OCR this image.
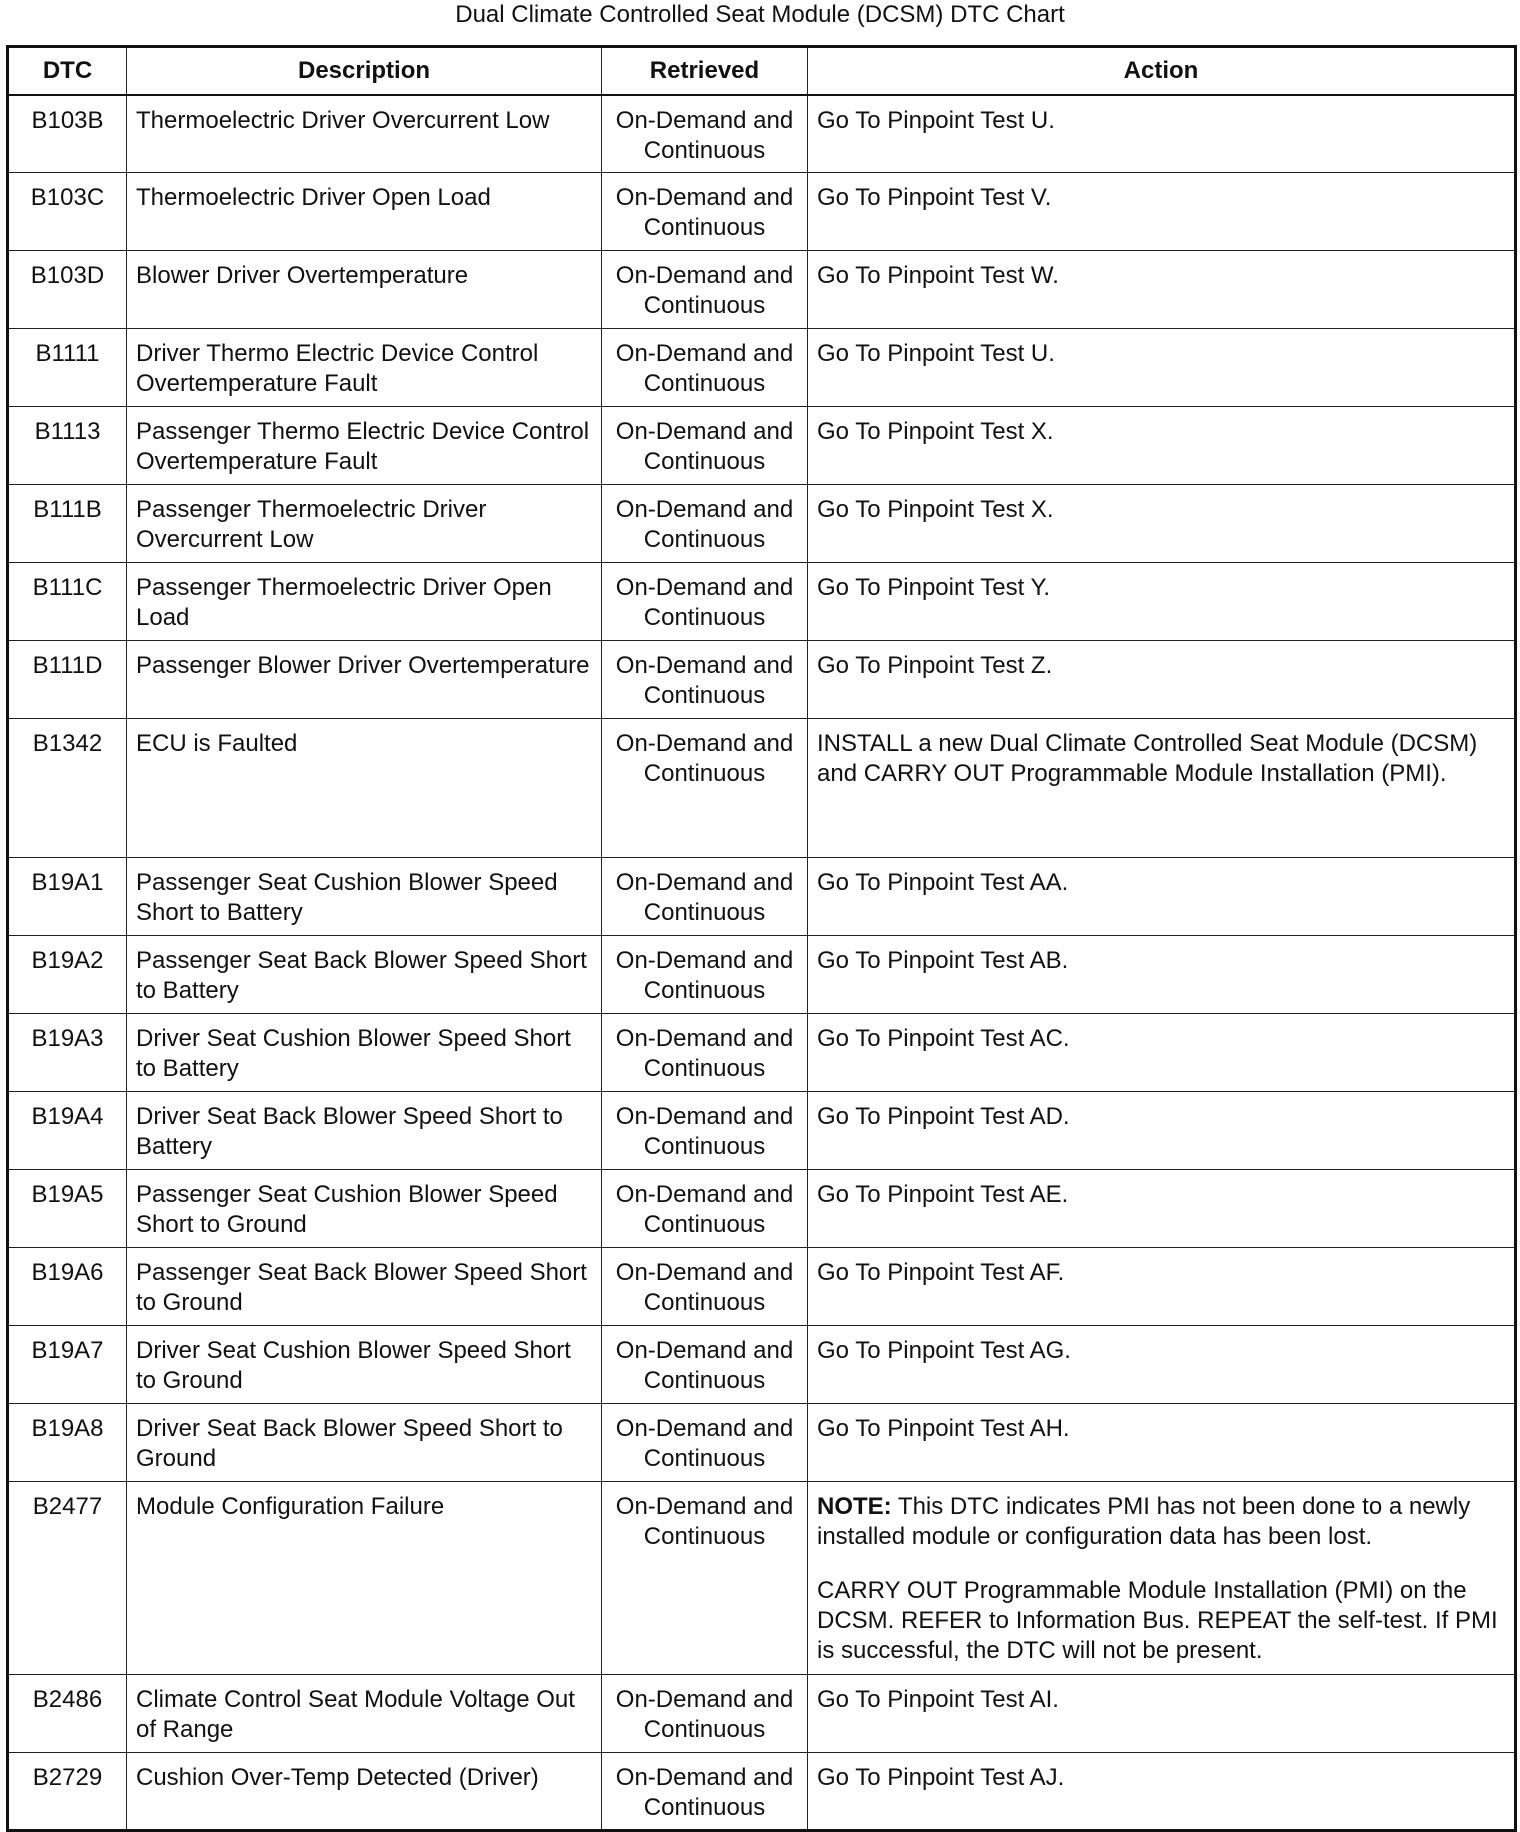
Dual Climate Controlled Seat Module (DCSM) DTC Chart
DTC	Description	Retrieved	Action
B103B	Thermoelectric Driver Overcurrent Low	On-Demand and Continuous	Go To Pinpoint Test U.
B103C	Thermoelectric Driver Open Load	On-Demand and Continuous	Go To Pinpoint Test V.
B103D	Blower Driver Overtemperature	On-Demand and Continuous	Go To Pinpoint Test W.
B1111	Driver Thermo Electric Device Control Overtemperature Fault	On-Demand and Continuous	Go To Pinpoint Test U.
B1113	Passenger Thermo Electric Device Control Overtemperature Fault	On-Demand and Continuous	Go To Pinpoint Test X.
B111B	Passenger Thermoelectric Driver Overcurrent Low	On-Demand and Continuous	Go To Pinpoint Test X.
B111C	Passenger Thermoelectric Driver Open Load	On-Demand and Continuous	Go To Pinpoint Test Y.
B111D	Passenger Blower Driver Overtemperature	On-Demand and Continuous	Go To Pinpoint Test Z.
B1342	ECU is Faulted	On-Demand and Continuous	INSTALL a new Dual Climate Controlled Seat Module (DCSM) and CARRY OUT Programmable Module Installation (PMI).
B19A1	Passenger Seat Cushion Blower Speed Short to Battery	On-Demand and Continuous	Go To Pinpoint Test AA.
B19A2	Passenger Seat Back Blower Speed Short to Battery	On-Demand and Continuous	Go To Pinpoint Test AB.
B19A3	Driver Seat Cushion Blower Speed Short to Battery	On-Demand and Continuous	Go To Pinpoint Test AC.
B19A4	Driver Seat Back Blower Speed Short to Battery	On-Demand and Continuous	Go To Pinpoint Test AD.
B19A5	Passenger Seat Cushion Blower Speed Short to Ground	On-Demand and Continuous	Go To Pinpoint Test AE.
B19A6	Passenger Seat Back Blower Speed Short to Ground	On-Demand and Continuous	Go To Pinpoint Test AF.
B19A7	Driver Seat Cushion Blower Speed Short to Ground	On-Demand and Continuous	Go To Pinpoint Test AG.
B19A8	Driver Seat Back Blower Speed Short to Ground	On-Demand and Continuous	Go To Pinpoint Test AH.
B2477	Module Configuration Failure	On-Demand and Continuous	NOTE: This DTC indicates PMI has not been done to a newly installed module or configuration data has been lost.
CARRY OUT Programmable Module Installation (PMI) on the DCSM. REFER to Information Bus. REPEAT the self-test. If PMI is successful, the DTC will not be present.

B2486	Climate Control Seat Module Voltage Out of Range	On-Demand and Continuous	Go To Pinpoint Test AI.
B2729	Cushion Over-Temp Detected (Driver)	On-Demand and Continuous	Go To Pinpoint Test AJ.
